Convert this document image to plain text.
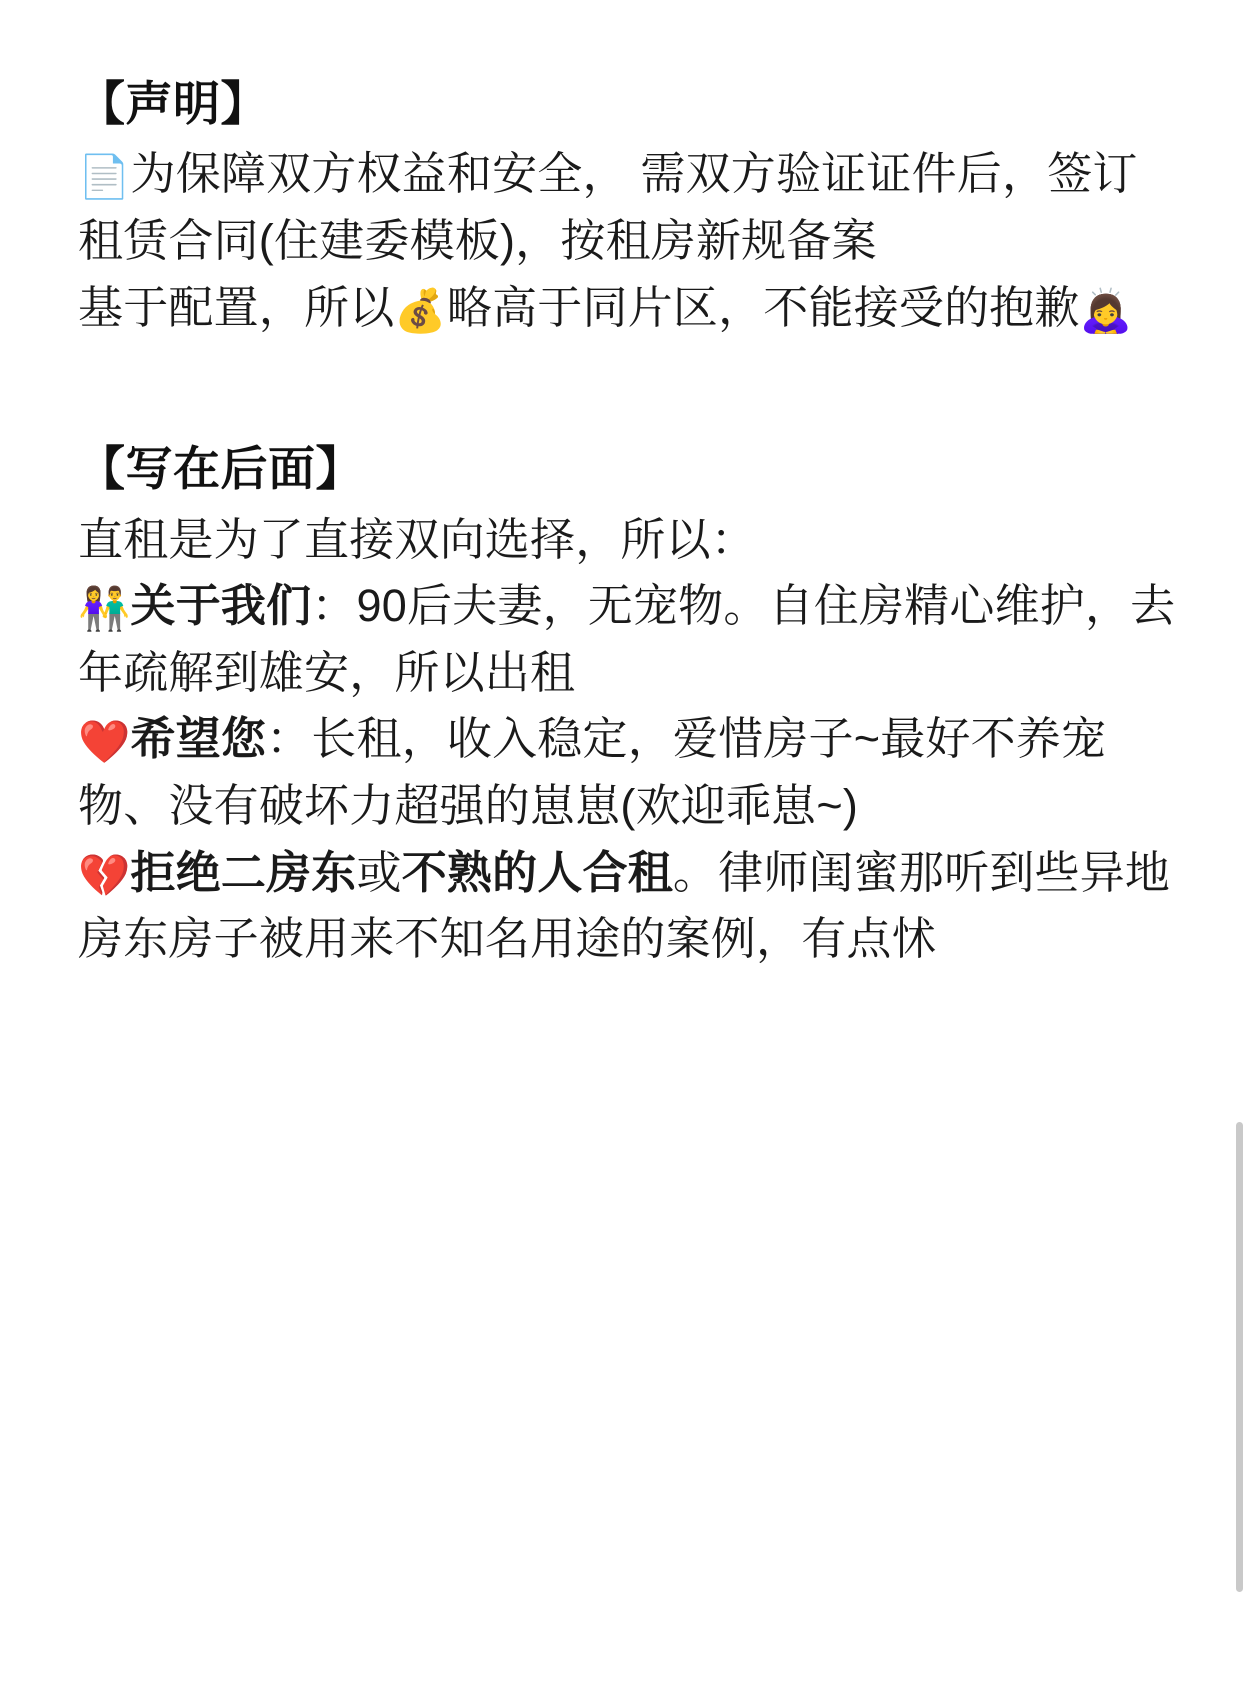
【声明】

📄为保障双方权益和安全， 需双方验证证件后，签订租赁合同(住建委模板)，按租房新规备案

基于配置，所以💰略高于同片区，不能接受的抱歉🙇‍♀️

【写在后面】

直租是为了直接双向选择，所以：

👫关于我们：90后夫妻，无宠物。自住房精心维护，去年疏解到雄安，所以出租

❤️希望您：长租，收入稳定，爱惜房子~最好不养宠物、没有破坏力超强的崽崽(欢迎乖崽~)

💔拒绝二房东或不熟的人合租。律师闺蜜那听到些异地房东房子被用来不知名用途的案例，有点怵
